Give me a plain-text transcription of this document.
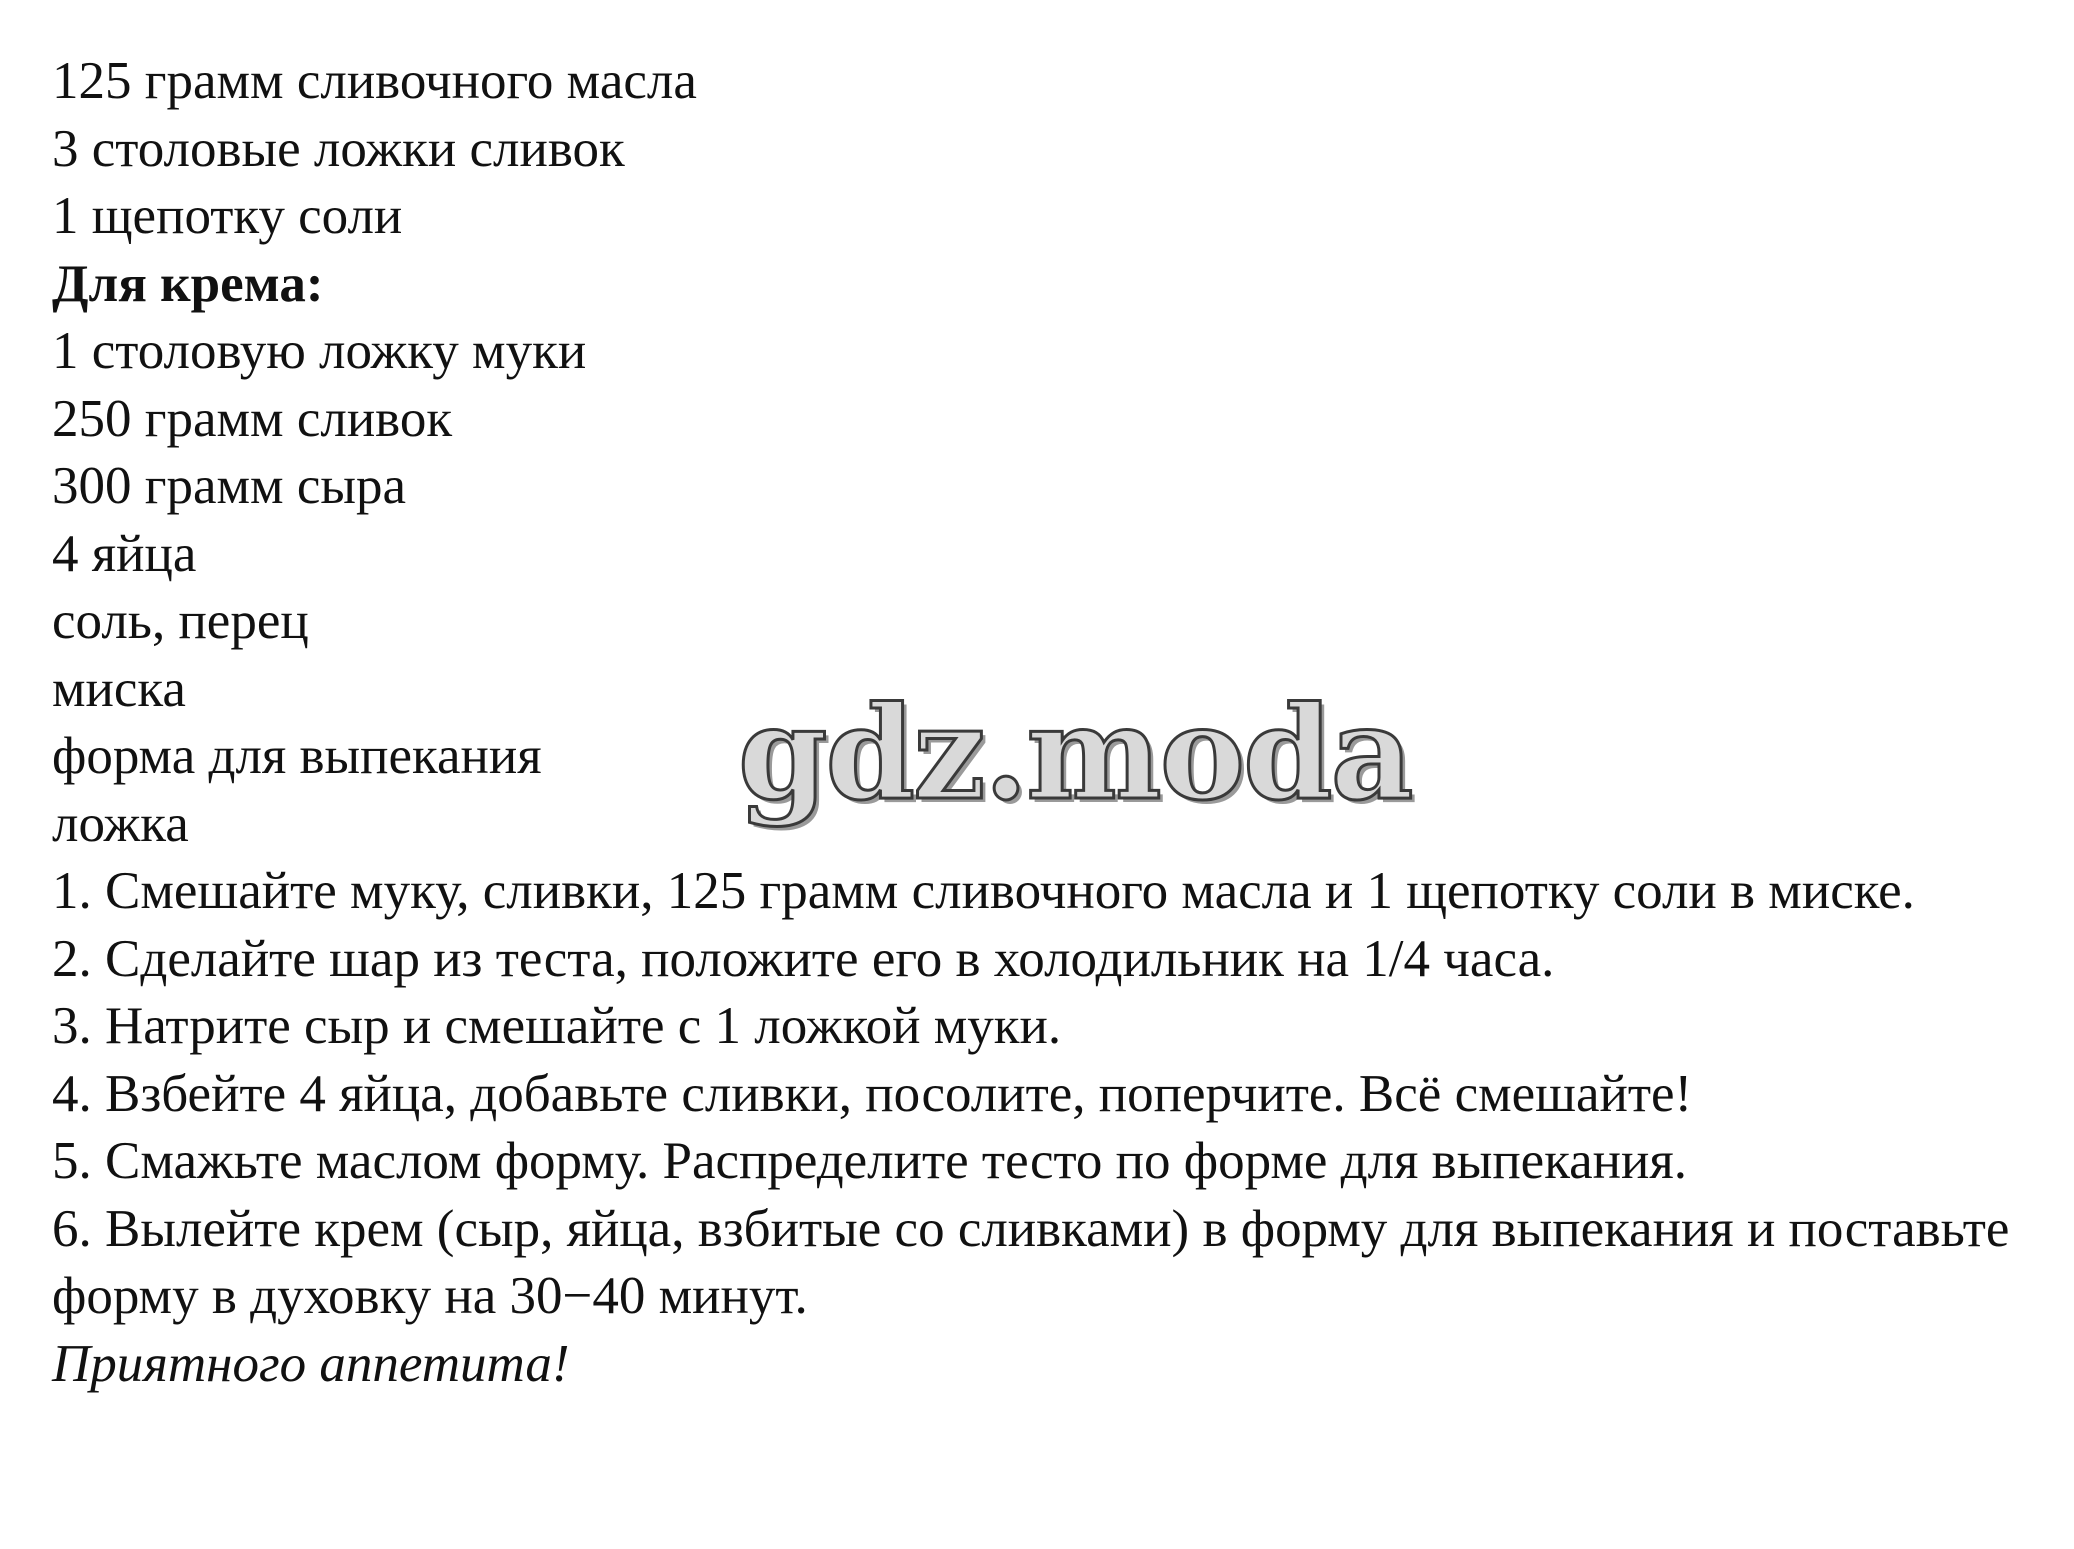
125 грамм сливочного масла
3 столовые ложки сливок
1 щепотку соли
Для крема:
1 столовую ложку муки
250 грамм сливок
300 грамм сыра
4 яйца
соль, перец
миска
форма для выпекания
ложка
1. Смешайте муку, сливки, 125 грамм сливочного масла и 1 щепотку соли в миске.
2. Сделайте шар из теста, положите его в холодильник на 1/4 часа.
3. Натрите сыр и смешайте с 1 ложкой муки.
4. Взбейте 4 яйца, добавьте сливки, посолите, поперчите. Всё смешайте!
5. Смажьте маслом форму. Распределите тесто по форме для выпекания.
6. Вылейте крем (сыр, яйца, взбитые со сливками) в форму для выпекания и поставьте форму в духовку на 30−40 минут.
Приятного аппетита!
gdz.moda
